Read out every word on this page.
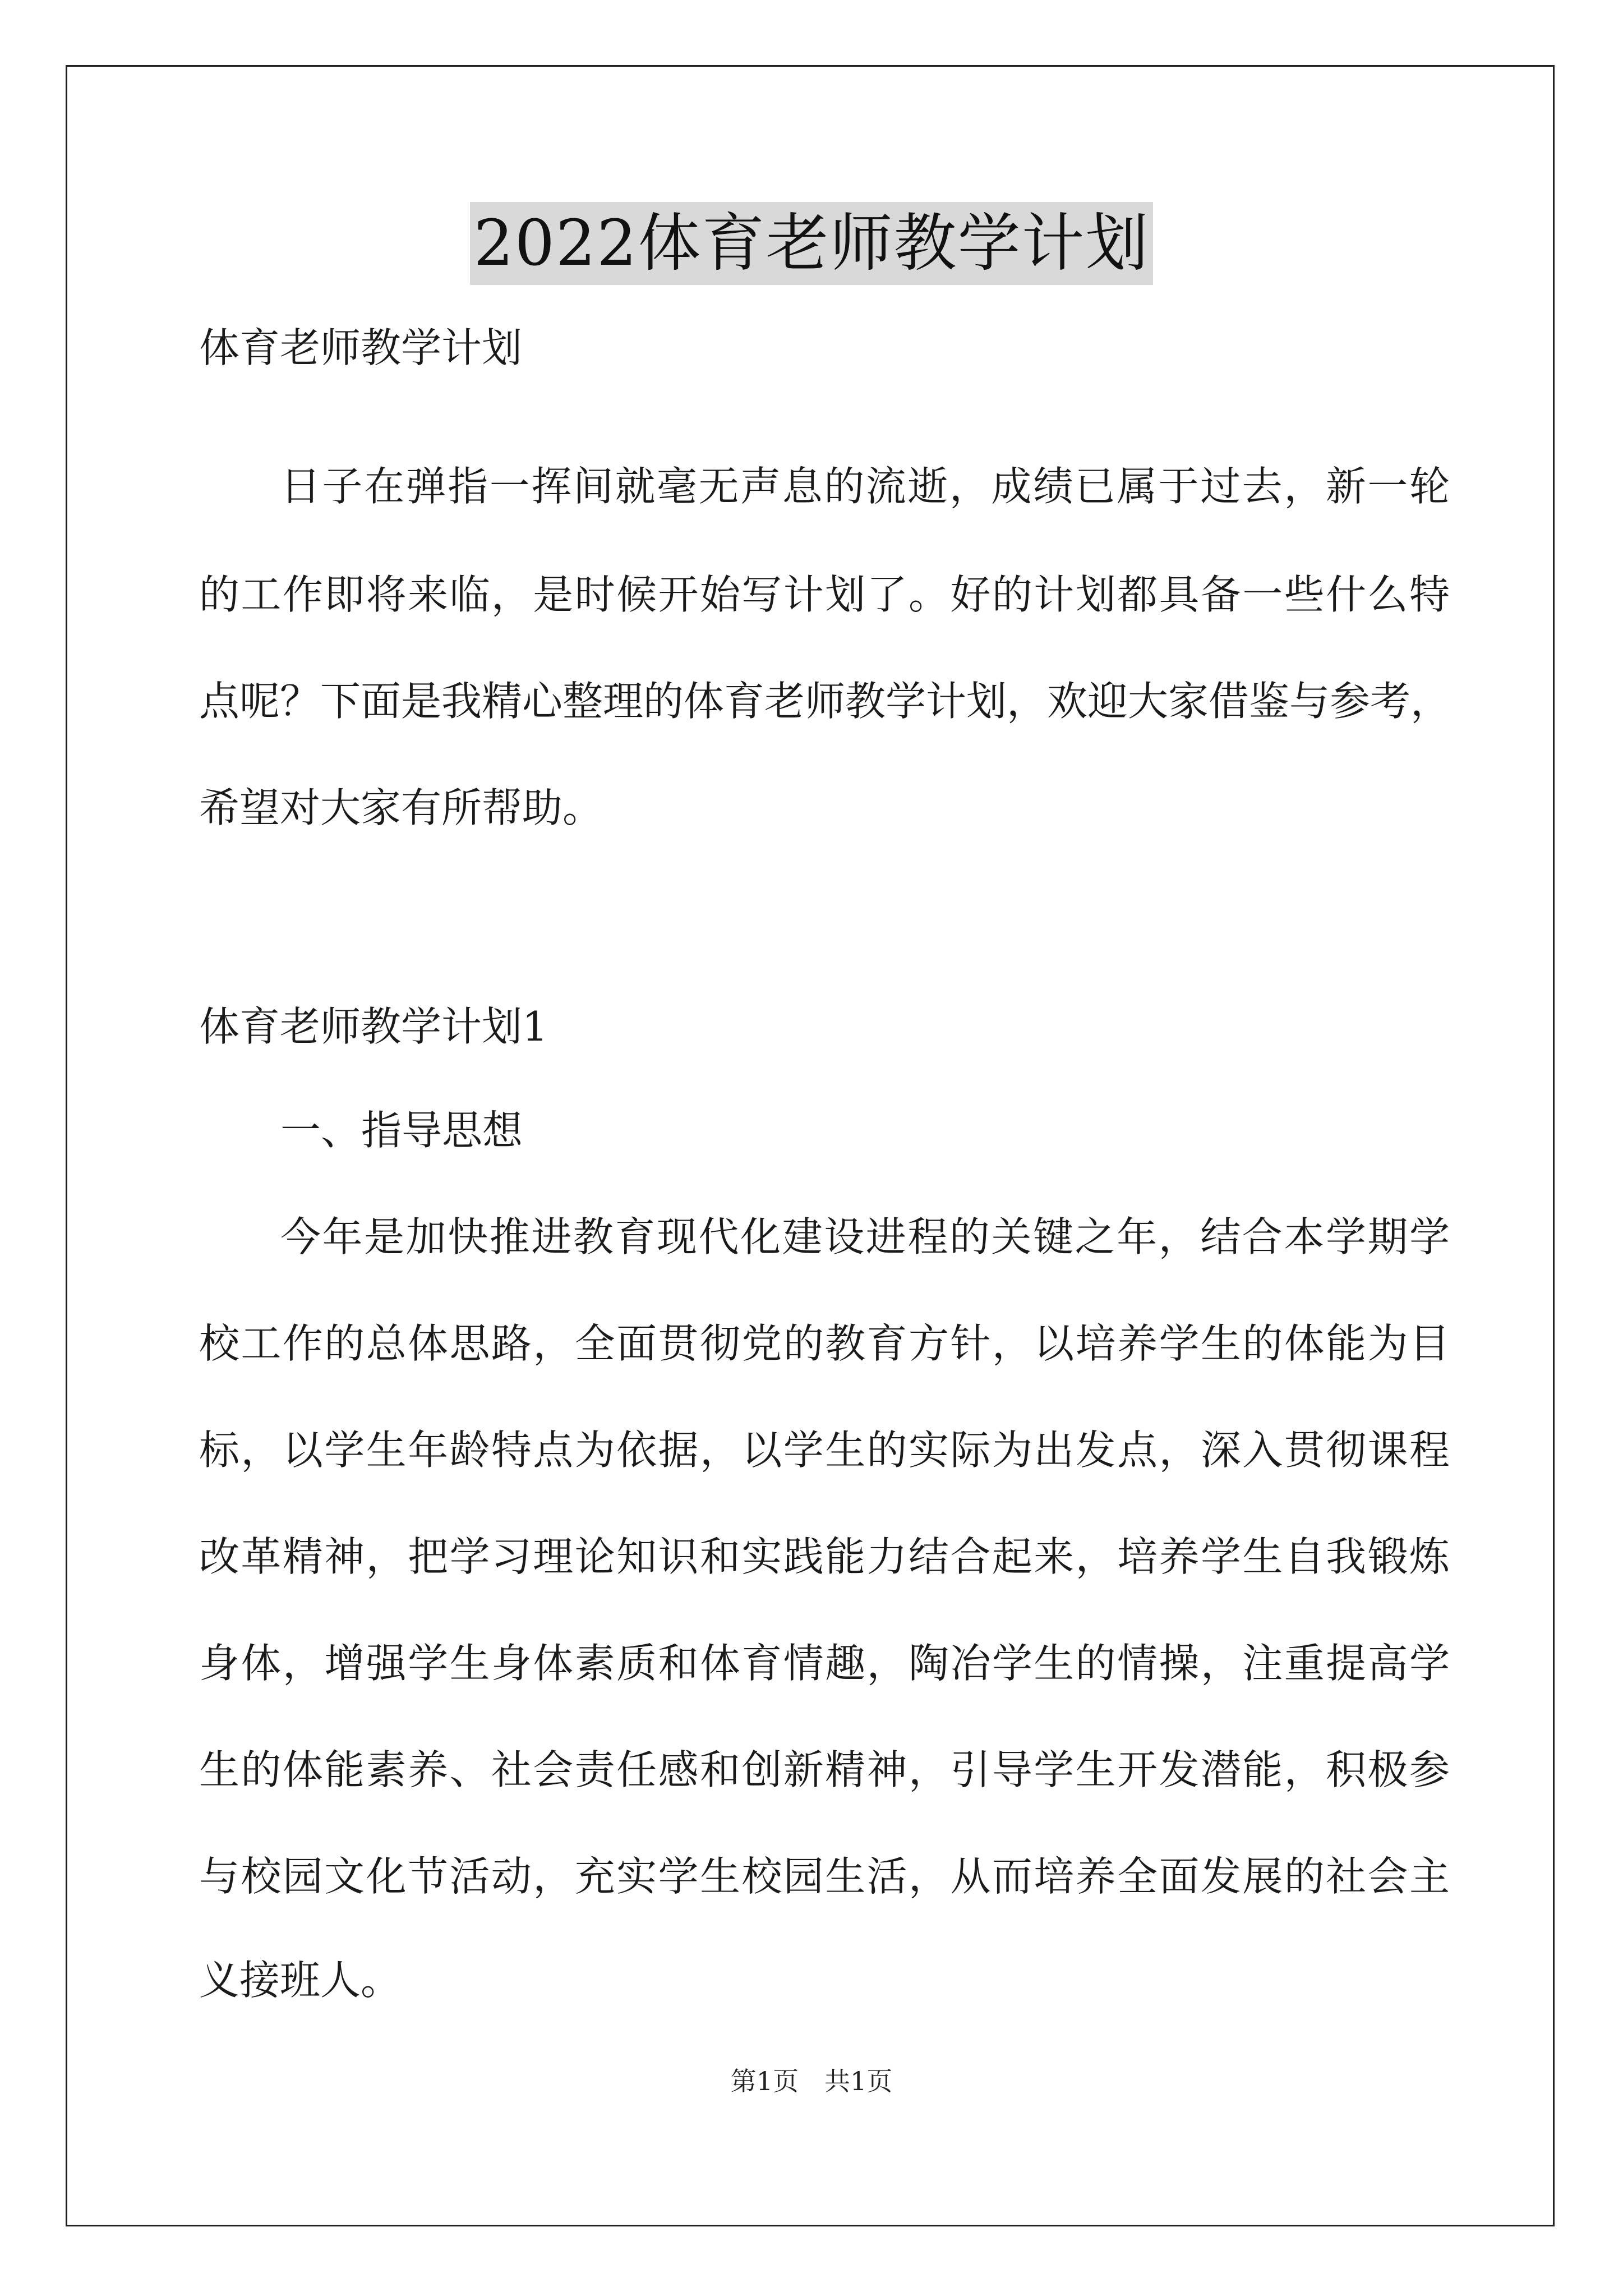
2022体育老师教学计划
体育老师教学计划
日子在弹指一挥间就毫无声息的流逝，成绩已属于过去，新一轮
的工作即将来临，是时候开始写计划了。好的计划都具备一些什么特
点呢？下面是我精心整理的体育老师教学计划，欢迎大家借鉴与参考，
希望对大家有所帮助。
体育老师教学计划1
一、指导思想
今年是加快推进教育现代化建设进程的关键之年，结合本学期学
校工作的总体思路，全面贯彻党的教育方针，以培养学生的体能为目
标，以学生年龄特点为依据，以学生的实际为出发点，深入贯彻课程
改革精神，把学习理论知识和实践能力结合起来，培养学生自我锻炼
身体，增强学生身体素质和体育情趣，陶冶学生的情操，注重提高学
生的体能素养、社会责任感和创新精神，引导学生开发潜能，积极参
与校园文化节活动，充实学生校园生活，从而培养全面发展的社会主
义接班人。
第1页　共1页
